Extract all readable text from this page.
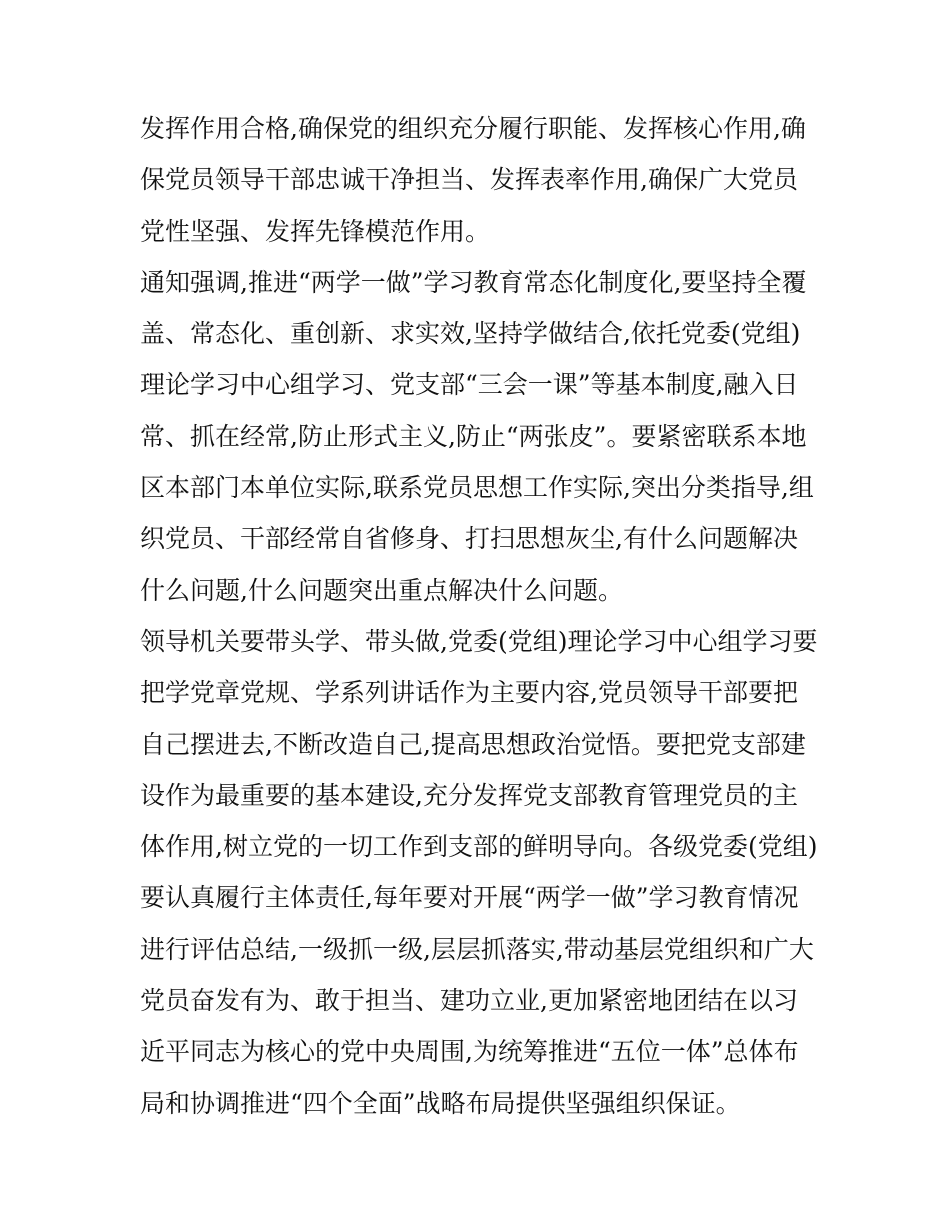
发挥作用合格,确保党的组织充分履行职能、发挥核心作用,确
保党员领导干部忠诚干净担当、发挥表率作用,确保广大党员
党性坚强、发挥先锋模范作用。
通知强调,推进“两学一做”学习教育常态化制度化,要坚持全覆
盖、常态化、重创新、求实效,坚持学做结合,依托党委(党组)
理论学习中心组学习、党支部“三会一课”等基本制度,融入日
常、抓在经常,防止形式主义,防止“两张皮”。要紧密联系本地
区本部门本单位实际,联系党员思想工作实际,突出分类指导,组
织党员、干部经常自省修身、打扫思想灰尘,有什么问题解决
什么问题,什么问题突出重点解决什么问题。
领导机关要带头学、带头做,党委(党组)理论学习中心组学习要
把学党章党规、学系列讲话作为主要内容,党员领导干部要把
自己摆进去,不断改造自己,提高思想政治觉悟。要把党支部建
设作为最重要的基本建设,充分发挥党支部教育管理党员的主
体作用,树立党的一切工作到支部的鲜明导向。各级党委(党组)
要认真履行主体责任,每年要对开展“两学一做”学习教育情况
进行评估总结,一级抓一级,层层抓落实,带动基层党组织和广大
党员奋发有为、敢于担当、建功立业,更加紧密地团结在以习
近平同志为核心的党中央周围,为统筹推进“五位一体”总体布
局和协调推进“四个全面”战略布局提供坚强组织保证。
